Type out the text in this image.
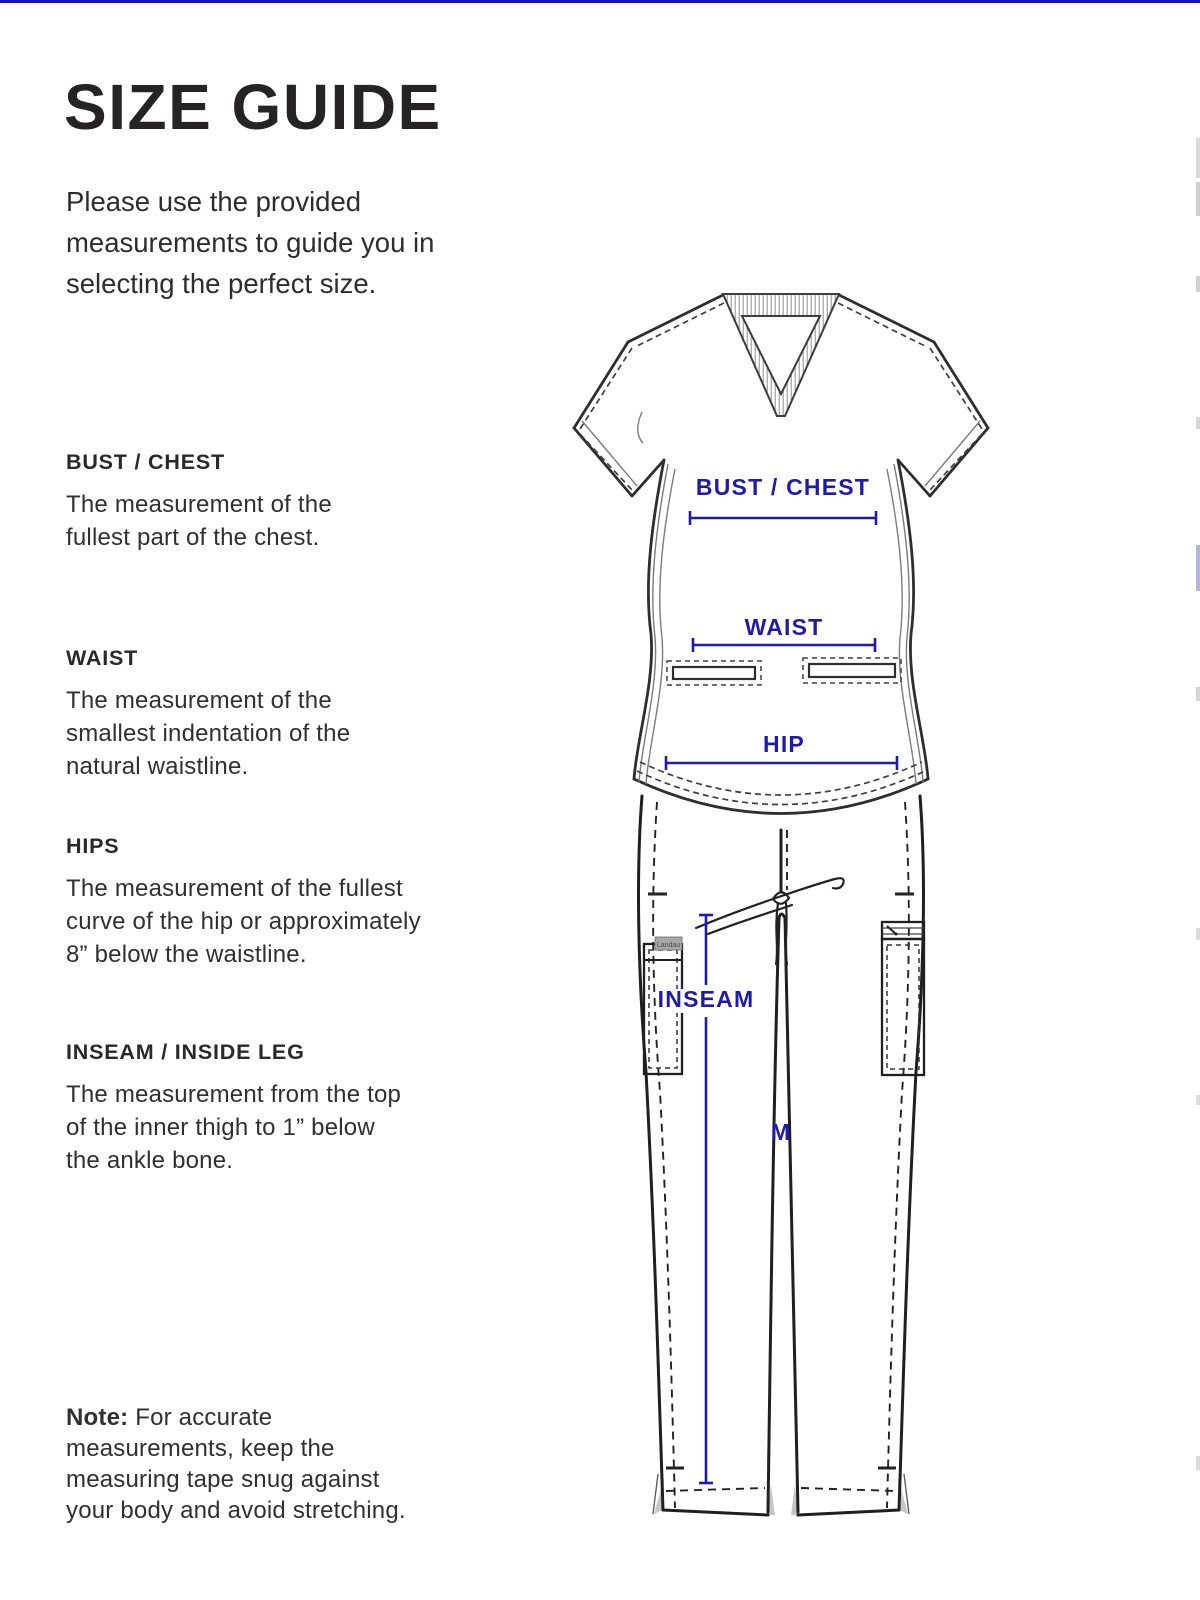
SIZE GUIDE
Please use the provided
measurements to guide you in
selecting the perfect size.
BUST / CHEST
The measurement of the
fullest part of the chest.
WAIST
The measurement of the
smallest indentation of the
natural waistline.
HIPS
The measurement of the fullest
curve of the hip or approximately
8” below the waistline.
INSEAM / INSIDE LEG
The measurement from the top
of the inner thigh to 1” below
the ankle bone.

Note: For accurate
measurements, keep the
measuring tape snug against
your body and avoid stretching.

Landau
BUST / CHEST
WAIST
HIP
INSEAM
M
